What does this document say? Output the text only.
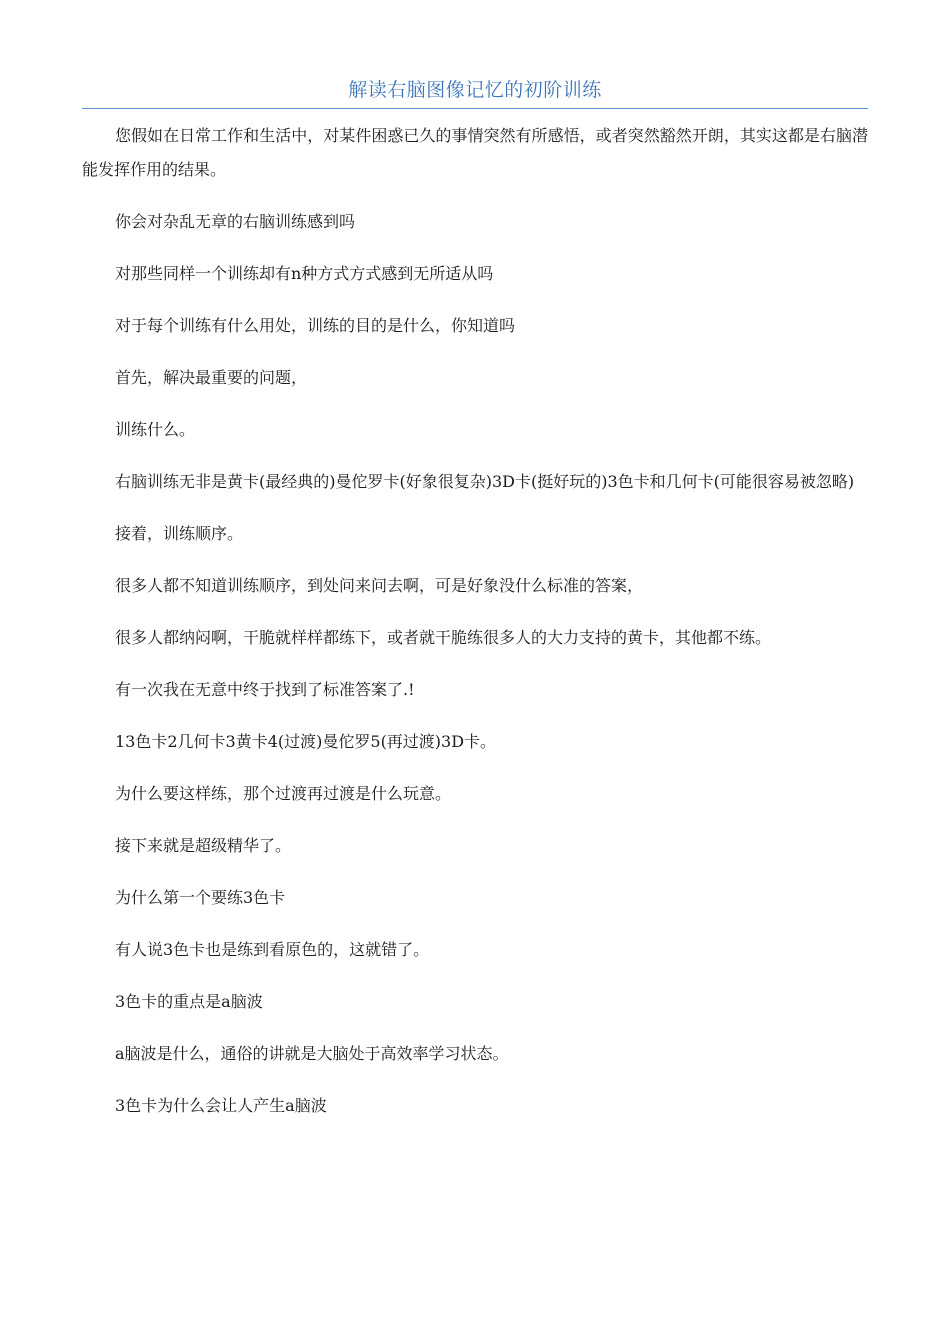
解读右脑图像记忆的初阶训练

您假如在日常工作和生活中，对某件困惑已久的事情突然有所感悟，或者突然豁然开朗，其实这都是右脑潜能发挥作用的结果。

你会对杂乱无章的右脑训练感到吗

对那些同样一个训练却有n种方式方式感到无所适从吗

对于每个训练有什么用处，训练的目的是什么，你知道吗

首先，解决最重要的问题，

训练什么。

右脑训练无非是黄卡(最经典的)曼佗罗卡(好象很复杂)3D卡(挺好玩的)3色卡和几何卡(可能很容易被忽略)

接着，训练顺序。

很多人都不知道训练顺序，到处问来问去啊，可是好象没什么标准的答案，

很多人都纳闷啊，干脆就样样都练下，或者就干脆练很多人的大力支持的黄卡，其他都不练。

有一次我在无意中终于找到了标准答案了.!

13色卡2几何卡3黄卡4(过渡)曼佗罗5(再过渡)3D卡。

为什么要这样练，那个过渡再过渡是什么玩意。

接下来就是超级精华了。

为什么第一个要练3色卡

有人说3色卡也是练到看原色的，这就错了。

3色卡的重点是a脑波

a脑波是什么，通俗的讲就是大脑处于高效率学习状态。

3色卡为什么会让人产生a脑波
